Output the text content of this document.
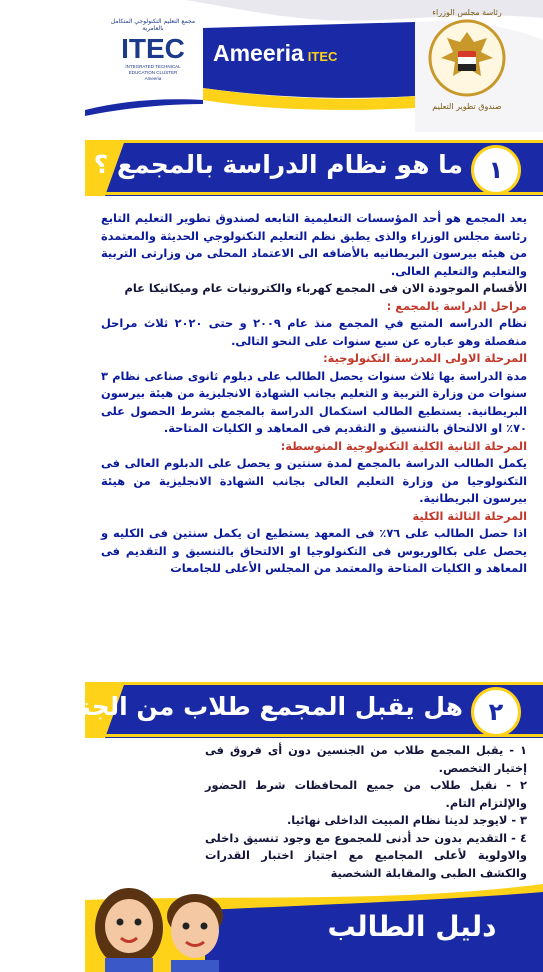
مجمع التعليم التكنولوجي المتكامل بالعامرية
ITEC
INTEGRATED TECHNICAL
EDUCATION CLUSTER
Ameeria
Ameeria ITEC
رئاسة مجلس الوزراء
صندوق تطوير التعليم
ما هو نظام الدراسة بالمجمع ؟	١

يعد المجمع هو أحد المؤسسات التعليمية التابعه لصندوق تطوير التعليم التابع رئاسة مجلس الوزراء والذى يطبق نظم التعليم التكنولوجي الحديثة والمعتمدة من هيئه بيرسون البريطانيه بالأضافه الى الاعتماد المحلى من وزارتى التربية والتعليم والتعليم العالى.

الأقسام الموجودة الان فى المجمع كهرباء والكترونيات عام وميكانيكا عام

مراحل الدراسة بالمجمع :

نظام الدراسه المتبع في المجمع منذ عام ٢٠٠٩ و حتى ٢٠٢٠ ثلاث مراحل منفصلة وهو عباره عن سبع سنوات على النحو التالى.

المرحلة الاولى المدرسة التكنولوجية:

مدة الدراسة بها ثلاث سنوات يحصل الطالب على دبلوم ثانوى صناعى نظام ٣ سنوات من وزارة التربية و التعليم بجانب الشهادة الانجليزية من هيئة بيرسون البريطانية. يستطيع الطالب استكمال الدراسة بالمجمع بشرط الحصول على ٧٠٪ او الالتحاق بالتنسيق و التقديم فى المعاهد و الكليات المتاحة.

المرحلة الثانية الكلية التكنولوجية المتوسطة:

يكمل الطالب الدراسة بالمجمع لمدة سنتين و يحصل على الدبلوم العالى فى التكنولوجيا من وزارة التعليم العالى بجانب الشهادة الانجليزية من هيئة بيرسون البريطانية.

المرحلة الثالثة الكلية

اذا حصل الطالب على ٧٦٪ فى المعهد يستطيع ان يكمل سنتين فى الكليه و يحصل على بكالوريوس فى التكنولوجيا او الالتحاق بالتنسيق و التقديم فى المعاهد و الكليات المتاحة والمعتمد من المجلس الأعلى للجامعات

هل يقبل المجمع طلاب من الجنسين ؟	٢

١ - يقبل المجمع طلاب من الجنسين دون أى فروق فى إختيار التخصص.

٢ - نقبل طلاب من جميع المحافظات شرط الحضور والإلتزام التام.

٣ - لايوجد لدينا نظام المبيت الداخلى نهائيا.

٤ - التقديم بدون حد أدنى للمجموع مع وجود تنسيق داخلى والاولوية لأعلى المجاميع مع اجتياز اختبار القدرات والكشف الطبى والمقابلة الشخصية

دليل الطالب
